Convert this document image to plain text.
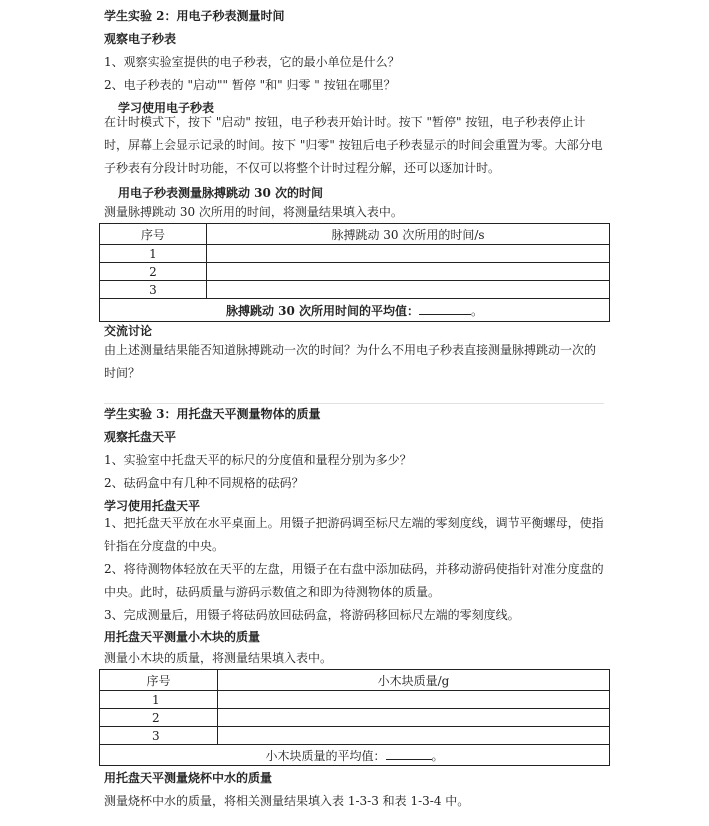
学生实验 2：用电子秒表测量时间
观察电子秒表
1、观察实验室提供的电子秒表，它的最小单位是什么？
2、电子秒表的 "启动"" 暂停 "和" 归零 " 按钮在哪里？
学习使用电子秒表
在计时模式下，按下 "启动" 按钮，电子秒表开始计时。按下 "暂停" 按钮，电子秒表停止计时，屏幕上会显示记录的时间。按下 "归零" 按钮后电子秒表显示的时间会重置为零。大部分电子秒表有分段计时功能，不仅可以将整个计时过程分解，还可以逐加计时。
用电子秒表测量脉搏跳动 30 次的时间
测量脉搏跳动 30 次所用的时间，将测量结果填入表中。
序号	脉搏跳动 30 次所用的时间/s
1	
2	
3	
脉搏跳动 30 次所用时间的平均值： 。	
交流讨论
由上述测量结果能否知道脉搏跳动一次的时间？为什么不用电子秒表直接测量脉搏跳动一次的时间？
学生实验 3：用托盘天平测量物体的质量
观察托盘天平
1、实验室中托盘天平的标尺的分度值和量程分别为多少？
2、砝码盒中有几种不同规格的砝码？
学习使用托盘天平
1、把托盘天平放在水平桌面上。用镊子把游码调至标尺左端的零刻度线，调节平衡螺母，使指针指在分度盘的中央。
2、将待测物体轻放在天平的左盘，用镊子在右盘中添加砝码，并移动游码使指针对准分度盘的中央。此时，砝码质量与游码示数值之和即为待测物体的质量。
3、完成测量后，用镊子将砝码放回砝码盒，将游码移回标尺左端的零刻度线。
用托盘天平测量小木块的质量
测量小木块的质量，将测量结果填入表中。
序号	小木块质量/g
1	
2	
3	
小木块质量的平均值： 。	
用托盘天平测量烧杯中水的质量
测量烧杯中水的质量，将相关测量结果填入表 1-3-3 和表 1-3-4 中。
